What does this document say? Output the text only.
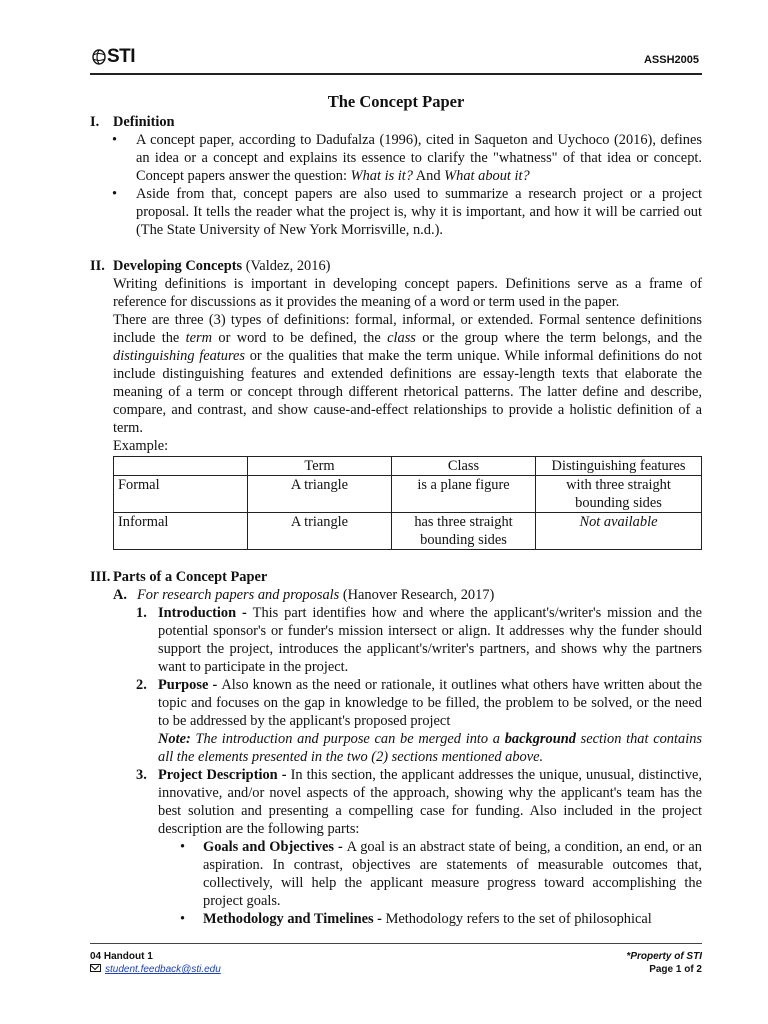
STI	ASSH2005
The Concept Paper
I. Definition
•	A concept paper, according to Dadufalza (1996), cited in Saqueton and Uychoco (2016), defines an idea or a concept and explains its essence to clarify the "whatness" of that idea or concept. Concept papers answer the question: What is it? And What about it?
•	Aside from that, concept papers are also used to summarize a research project or a project proposal. It tells the reader what the project is, why it is important, and how it will be carried out (The State University of New York Morrisville, n.d.).
II. Developing Concepts (Valdez, 2016)
Writing definitions is important in developing concept papers. Definitions serve as a frame of reference for discussions as it provides the meaning of a word or term used in the paper.
There are three (3) types of definitions: formal, informal, or extended. Formal sentence definitions include the term or word to be defined, the class or the group where the term belongs, and the distinguishing features or the qualities that make the term unique. While informal definitions do not include distinguishing features and extended definitions are essay-length texts that elaborate the meaning of a term or concept through different rhetorical patterns. The latter define and describe, compare, and contrast, and show cause-and-effect relationships to provide a holistic definition of a term.
Example:
	Term	Class	Distinguishing features
Formal	A triangle	is a plane figure	with three straight bounding sides
Informal	A triangle	has three straight bounding sides	Not available
III. Parts of a Concept Paper
A. For research papers and proposals (Hanover Research, 2017)
1. Introduction - This part identifies how and where the applicant's/writer's mission and the potential sponsor's or funder's mission intersect or align. It addresses why the funder should support the project, introduces the applicant's/writer's partners, and shows why the partners want to participate in the project.
2. Purpose - Also known as the need or rationale, it outlines what others have written about the topic and focuses on the gap in knowledge to be filled, the problem to be solved, or the need to be addressed by the applicant's proposed project
Note: The introduction and purpose can be merged into a background section that contains all the elements presented in the two (2) sections mentioned above.
3. Project Description - In this section, the applicant addresses the unique, unusual, distinctive, innovative, and/or novel aspects of the approach, showing why the applicant's team has the best solution and presenting a compelling case for funding. Also included in the project description are the following parts:
•	Goals and Objectives - A goal is an abstract state of being, a condition, an end, or an aspiration. In contrast, objectives are statements of measurable outcomes that, collectively, will help the applicant measure progress toward accomplishing the project goals.
•	Methodology and Timelines - Methodology refers to the set of philosophical
04 Handout 1
student.feedback@sti.edu
*Property of STI
Page 1 of 2
